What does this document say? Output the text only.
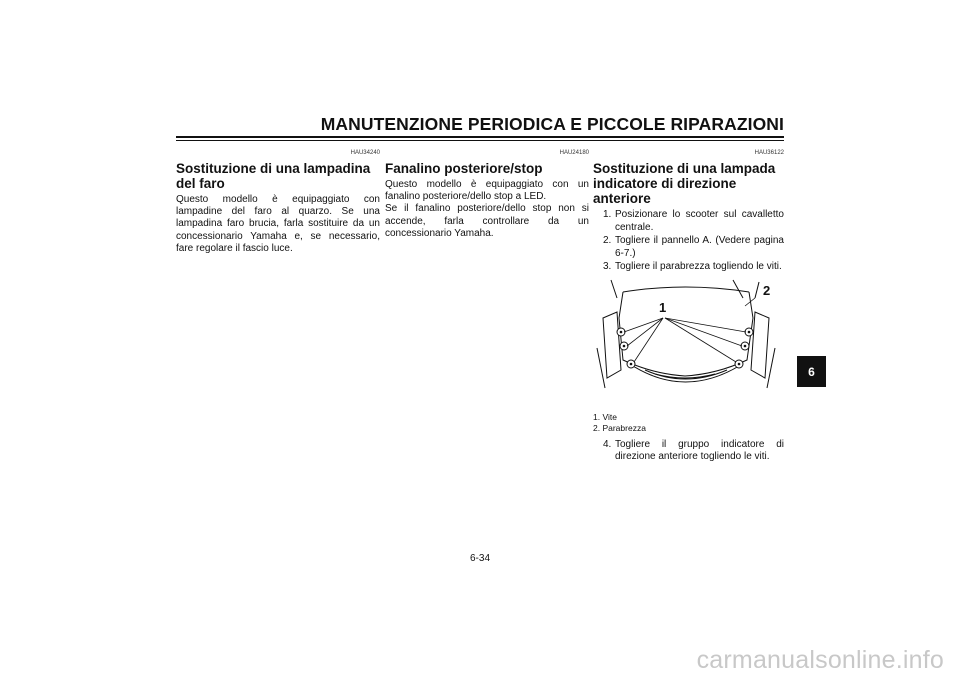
MANUTENZIONE PERIODICA E PICCOLE RIPARAZIONI
HAU34240
Sostituzione di una lampadina del faro

Questo modello è equipaggiato con lampadine del faro al quarzo. Se una lampadina faro brucia, farla sostituire da un concessionario Yamaha e, se necessario, fare regolare il fascio luce.

HAU24180
Fanalino posteriore/stop

Questo modello è equipaggiato con un fanalino posteriore/dello stop a LED.

Se il fanalino posteriore/dello stop non si accende, farla controllare da un concessionario Yamaha.

HAU36122
Sostituzione di una lampada indicatore di direzione anteriore
1. Posizionare lo scooter sul cavalletto centrale.
2. Togliere il pannello A. (Vedere pagina 6-7.)
3. Togliere il parabrezza togliendo le viti.
1
2
1. Vite
2. Parabrezza
4. Togliere il gruppo indicatore di direzione anteriore togliendo le viti.
6
6-34
carmanualsonline.info
